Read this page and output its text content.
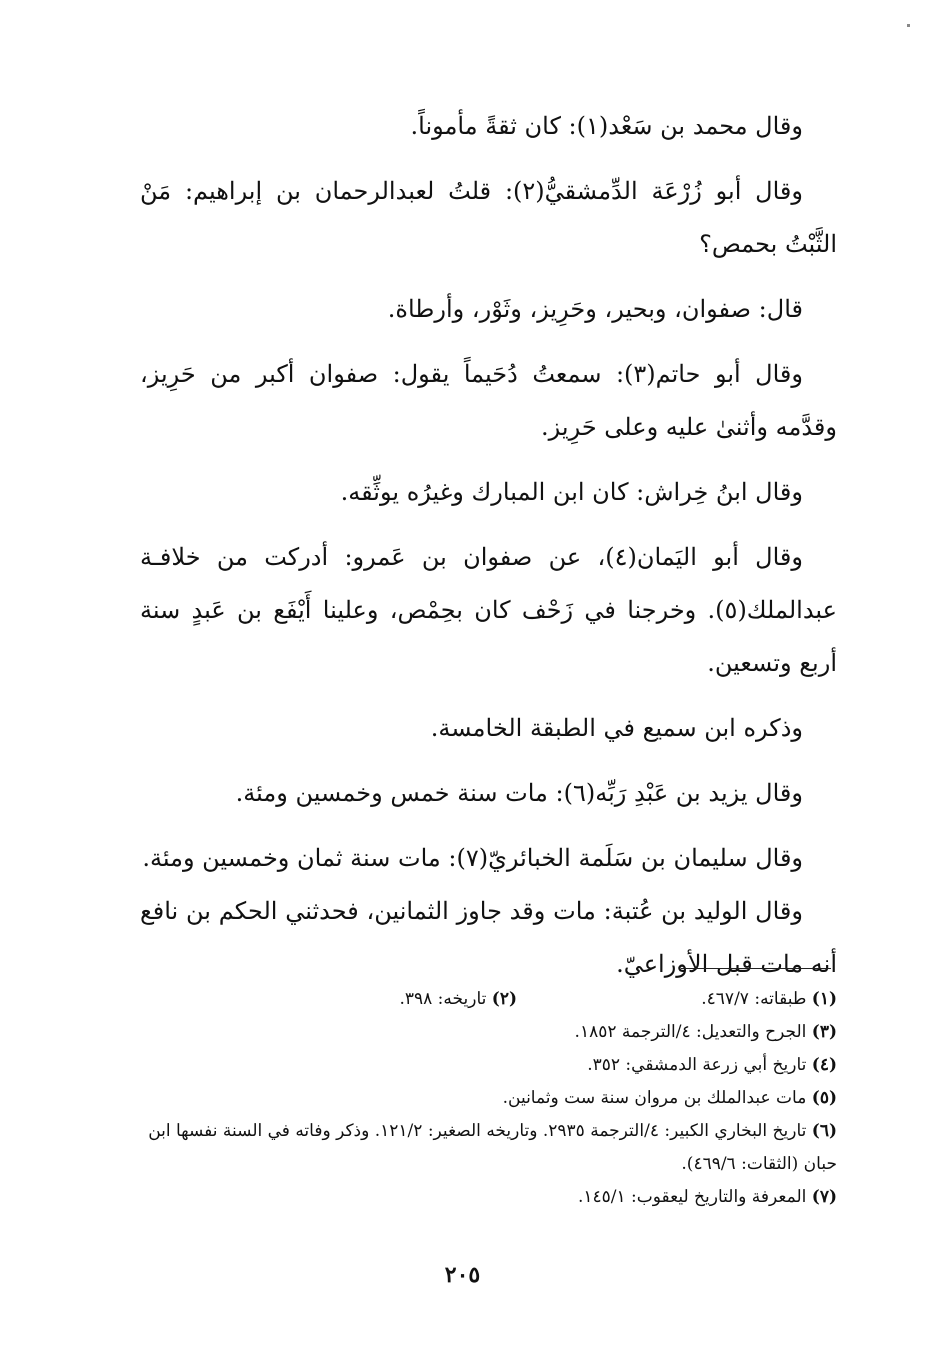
وقال محمد بن سَعْد(١): كان ثقةً مأموناً.

وقال أبو زُرْعَة الدِّمشقيُّ(٢): قلتُ لعبدالرحمان بن إبراهيم: مَنْ الثَّبْتُ بحمص؟

قال: صفوان، وبحير، وحَرِيز، وثَوْر، وأرطاة.

وقال أبو حاتم(٣): سمعتُ دُحَيماً يقول: صفوان أكبر من حَرِيز، وقدَّمه وأثنىٰ عليه وعلى حَرِيز.

وقال ابنُ خِراش: كان ابن المبارك وغيرُه يوثِّقه.

وقال أبو اليَمان(٤)، عن صفوان بن عَمرو: أدركت من خلافـة عبدالملك(٥). وخرجنا في زَحْف كان بحِمْص، وعلينا أَيْفَع بن عَبدٍ سنة أربع وتسعين.

وذكره ابن سميع في الطبقة الخامسة.

وقال يزيد بن عَبْدِ رَبِّه(٦): مات سنة خمس وخمسين ومئة.

وقال سليمان بن سَلَمة الخبائريّ(٧): مات سنة ثمان وخمسين ومئة.

وقال الوليد بن عُتبة: مات وقد جاوز الثمانين، فحدثني الحكم بن نافع أنه مات قبل الأوزاعيّ.

(١) طبقاته: ٤٦٧/٧.
(٢) تاريخه: ٣٩٨.
(٣) الجرح والتعديل: ٤/الترجمة ١٨٥٢.
(٤) تاريخ أبي زرعة الدمشقي: ٣٥٢.
(٥) مات عبدالملك بن مروان سنة ست وثمانين.
(٦) تاريخ البخاري الكبير: ٤/الترجمة ٢٩٣٥. وتاريخه الصغير: ١٢١/٢. وذكر وفاته في السنة نفسها ابن حبان (الثقات: ٤٦٩/٦).
(٧) المعرفة والتاريخ ليعقوب: ١٤٥/١.
٢٠٥
